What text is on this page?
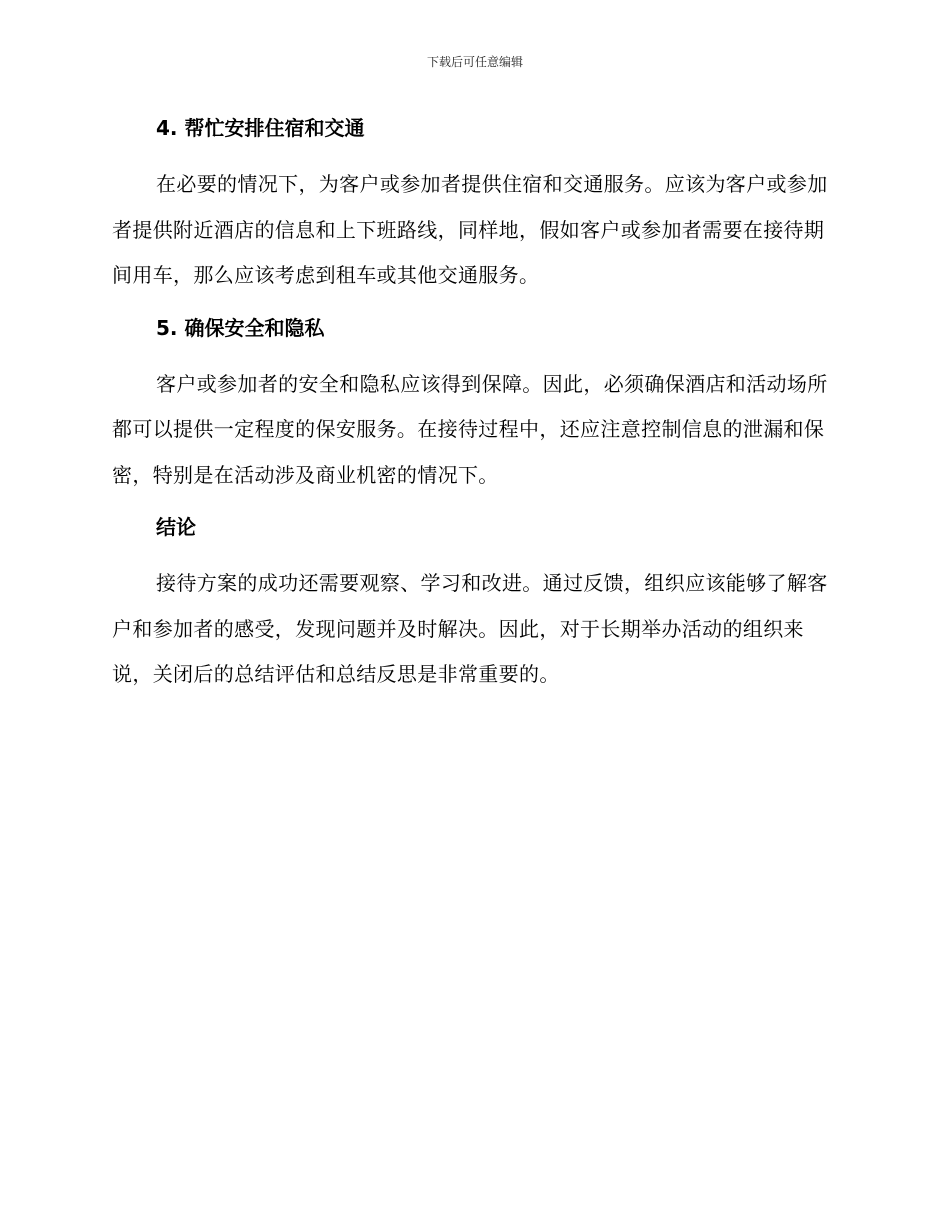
下载后可任意编辑
4. 帮忙安排住宿和交通

在必要的情况下，为客户或参加者提供住宿和交通服务。应该为客户或参加者提供附近酒店的信息和上下班路线，同样地，假如客户或参加者需要在接待期间用车，那么应该考虑到租车或其他交通服务。

5. 确保安全和隐私

客户或参加者的安全和隐私应该得到保障。因此，必须确保酒店和活动场所都可以提供一定程度的保安服务。在接待过程中，还应注意控制信息的泄漏和保密，特别是在活动涉及商业机密的情况下。

结论

接待方案的成功还需要观察、学习和改进。通过反馈，组织应该能够了解客户和参加者的感受，发现问题并及时解决。因此，对于长期举办活动的组织来说，关闭后的总结评估和总结反思是非常重要的。
